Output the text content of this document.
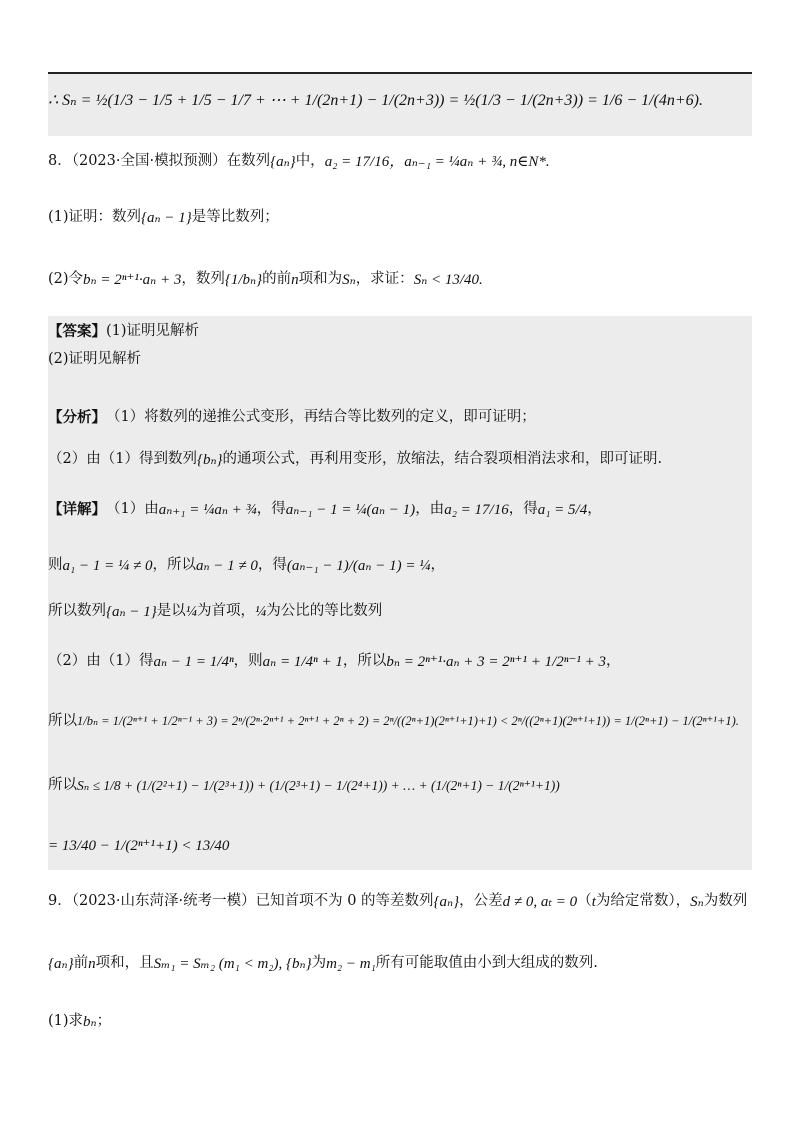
∴ Sₙ = ½(1/3 − 1/5 + 1/5 − 1/7 + ⋯ + 1/(2n+1) − 1/(2n+3)) = ½(1/3 − 1/(2n+3)) = 1/6 − 1/(4n+6).
8．（2023·全国·模拟预测）在数列 {aₙ} 中， a₂ = 17/16，aₙ₋₁ = ¼aₙ + ¾, n∈N*.
(1)证明：数列 {aₙ − 1} 是等比数列；
(2)令 bₙ = 2ⁿ⁺¹·aₙ + 3 ，数列 {1/bₙ} 的前 n 项和为 Sₙ ，求证： Sₙ < 13/40.
【答案】 (1)证明见解析
(2)证明见解析
【分析】 （1）将数列的递推公式变形，再结合等比数列的定义，即可证明；
（2）由（1）得到数列 {bₙ} 的通项公式，再利用变形，放缩法，结合裂项相消法求和，即可证明.
【详解】 （1）由 aₙ₊₁ = ¼aₙ + ¾ ，得 aₙ₋₁ − 1 = ¼(aₙ − 1) ，由 a₂ = 17/16 ，得 a₁ = 5/4 ，
则 a₁ − 1 = ¼ ≠ 0 ，所以 aₙ − 1 ≠ 0 ，得 (aₙ₋₁ − 1)/(aₙ − 1) = ¼ ，
所以数列 {aₙ − 1} 是以 ¼ 为首项， ¼ 为公比的等比数列
（2）由（1）得 aₙ − 1 = 1/4ⁿ ，则 aₙ = 1/4ⁿ + 1 ，所以 bₙ = 2ⁿ⁺¹·aₙ + 3 = 2ⁿ⁺¹ + 1/2ⁿ⁻¹ + 3 ，
所以 1/bₙ = 1/(2ⁿ⁺¹ + 1/2ⁿ⁻¹ + 3) = 2ⁿ/(2ⁿ·2ⁿ⁺¹ + 2ⁿ⁺¹ + 2ⁿ + 2) = 2ⁿ/((2ⁿ+1)(2ⁿ⁺¹+1)+1) < 2ⁿ/((2ⁿ+1)(2ⁿ⁺¹+1)) = 1/(2ⁿ+1) − 1/(2ⁿ⁺¹+1).
所以 Sₙ ≤ 1/8 + (1/(2²+1) − 1/(2³+1)) + (1/(2³+1) − 1/(2⁴+1)) + … + (1/(2ⁿ+1) − 1/(2ⁿ⁺¹+1))
= 13/40 − 1/(2ⁿ⁺¹+1) < 13/40
9．（2023·山东菏泽·统考一模）已知首项不为 0 的等差数列 {aₙ} ，公差 d ≠ 0, aₜ = 0 （ t 为给定常数）， Sₙ 为数列
{aₙ} 前 n 项和，且 Sₘ₁ = Sₘ₂ (m₁ < m₂), {bₙ} 为 m₂ − m₁ 所有可能取值由小到大组成的数列.
(1)求 bₙ ；
